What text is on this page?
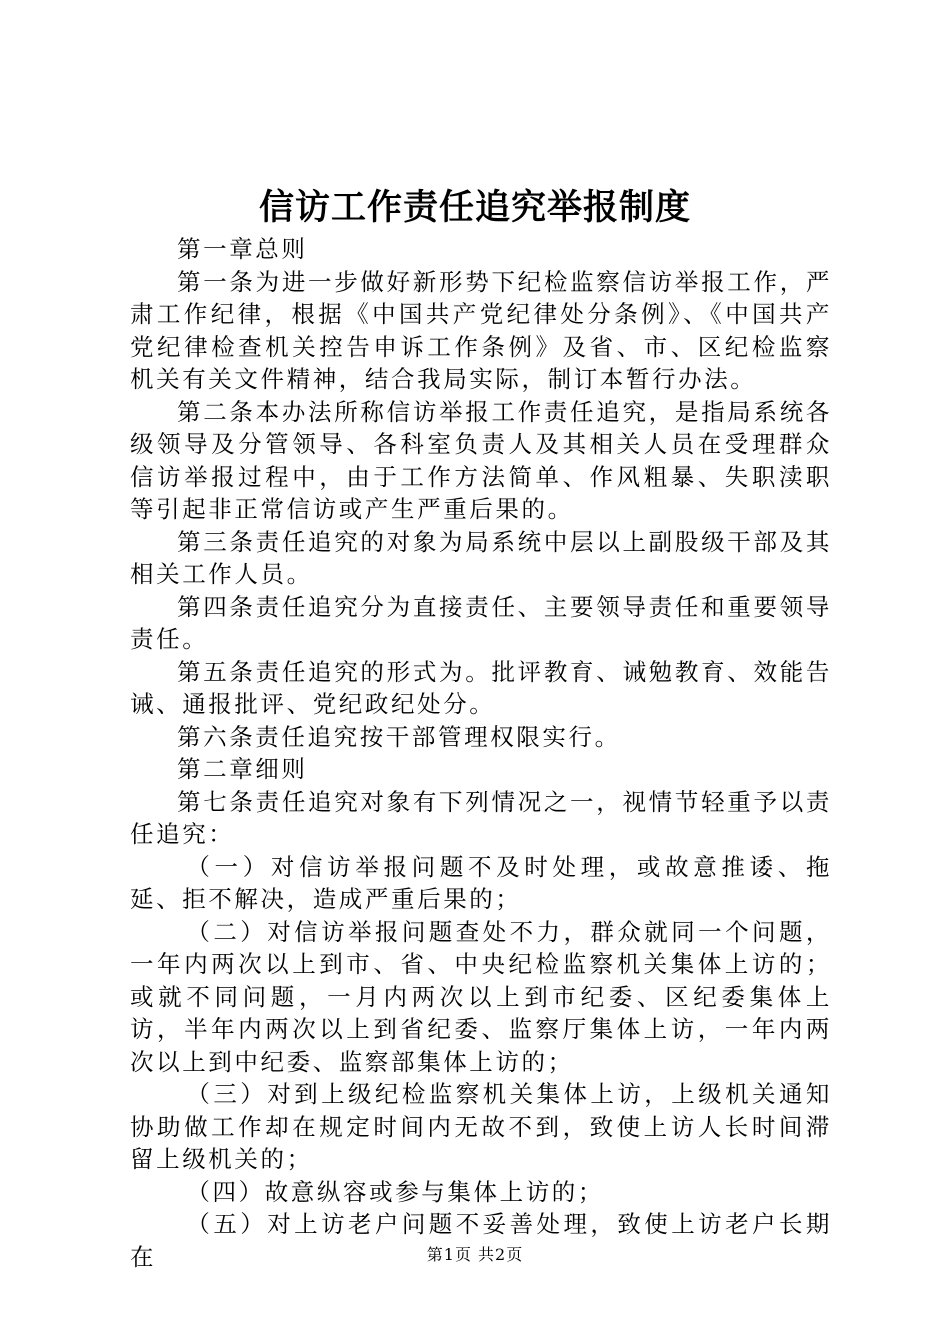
信访工作责任追究举报制度

第一章总则

第一条为进一步做好新形势下纪检监察信访举报工作，严肃工作纪律，根据《中国共产党纪律处分条例》、《中国共产党纪律检查机关控告申诉工作条例》及省、市、区纪检监察机关有关文件精神，结合我局实际，制订本暂行办法。

第二条本办法所称信访举报工作责任追究，是指局系统各级领导及分管领导、各科室负责人及其相关人员在受理群众信访举报过程中，由于工作方法简单、作风粗暴、失职渎职等引起非正常信访或产生严重后果的。

第三条责任追究的对象为局系统中层以上副股级干部及其相关工作人员。

第四条责任追究分为直接责任、主要领导责任和重要领导责任。

第五条责任追究的形式为。批评教育、诫勉教育、效能告诫、通报批评、党纪政纪处分。

第六条责任追究按干部管理权限实行。

第二章细则

第七条责任追究对象有下列情况之一，视情节轻重予以责任追究：

（一）对信访举报问题不及时处理，或故意推诿、拖延、拒不解决，造成严重后果的；

（二）对信访举报问题查处不力，群众就同一个问题，一年内两次以上到市、省、中央纪检监察机关集体上访的；或就不同问题，一月内两次以上到市纪委、区纪委集体上访，半年内两次以上到省纪委、监察厅集体上访，一年内两次以上到中纪委、监察部集体上访的；

（三）对到上级纪检监察机关集体上访，上级机关通知协助做工作却在规定时间内无故不到，致使上访人长时间滞留上级机关的；

（四）故意纵容或参与集体上访的；

（五）对上访老户问题不妥善处理，致使上访老户长期在	第1页 共2页
